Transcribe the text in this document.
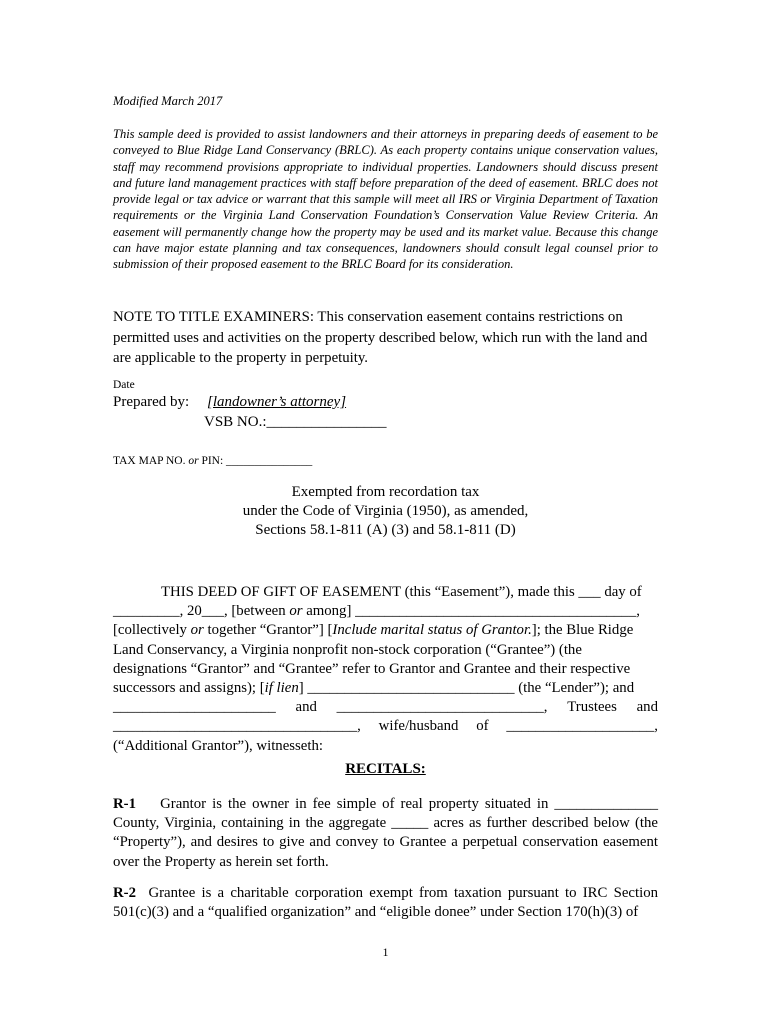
Modified March 2017
This sample deed is provided to assist landowners and their attorneys in preparing deeds of easement to be conveyed to Blue Ridge Land Conservancy (BRLC). As each property contains unique conservation values, staff may recommend provisions appropriate to individual properties. Landowners should discuss present and future land management practices with staff before preparation of the deed of easement. BRLC does not provide legal or tax advice or warrant that this sample will meet all IRS or Virginia Department of Taxation requirements or the Virginia Land Conservation Foundation’s Conservation Value Review Criteria. An easement will permanently change how the property may be used and its market value. Because this change can have major estate planning and tax consequences, landowners should consult legal counsel prior to submission of their proposed easement to the BRLC Board for its consideration.
NOTE TO TITLE EXAMINERS: This conservation easement contains restrictions on permitted uses and activities on the property described below, which run with the land and are applicable to the property in perpetuity.
Date
Prepared by: [landowner’s attorney]
VSB NO.:________________
TAX MAP NO. or PIN: _______________
Exempted from recordation tax
under the Code of Virginia (1950), as amended,
Sections 58.1-811 (A) (3) and 58.1-811 (D)
THIS DEED OF GIFT OF EASEMENT (this “Easement”), made this ___ day of
_________, 20___, [between or among] ______________________________________,
[collectively or together “Grantor”] [Include marital status of Grantor.]; the Blue Ridge
Land Conservancy, a Virginia nonprofit non-stock corporation (“Grantee”) (the
designations “Grantor” and “Grantee” refer to Grantor and Grantee and their respective
successors and assigns); [if lien] ____________________________ (the “Lender”); and
______________________ and ____________________________, Trustees and
_________________________________, wife/husband of ____________________,
(“Additional Grantor”), witnesseth:
RECITALS:
R-1 Grantor is the owner in fee simple of real property situated in ______________ County, Virginia, containing in the aggregate _____ acres as further described below (the “Property”), and desires to give and convey to Grantee a perpetual conservation easement over the Property as herein set forth.
R-2 Grantee is a charitable corporation exempt from taxation pursuant to IRC Section 501(c)(3) and a “qualified organization” and “eligible donee” under Section 170(h)(3) of
1
